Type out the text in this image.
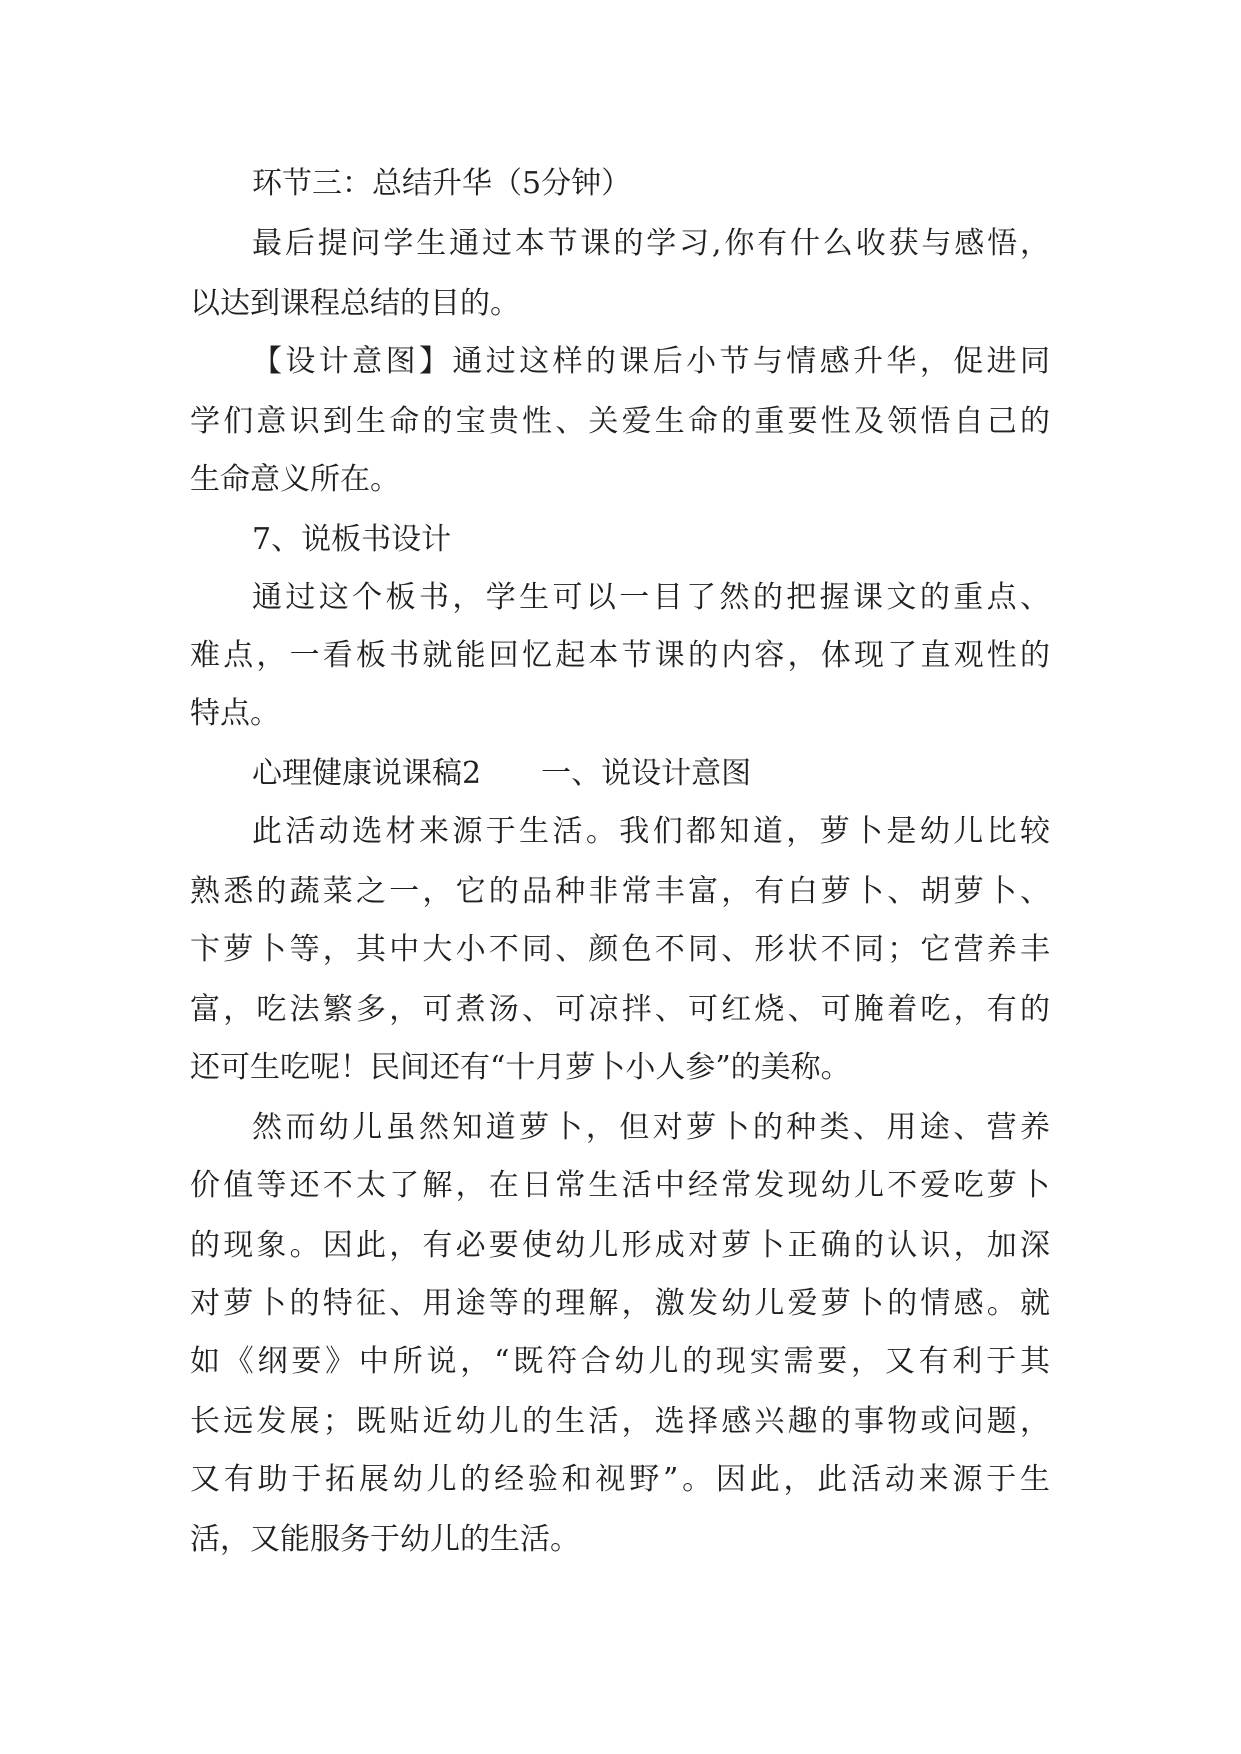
环节三：总结升华（5分钟）

最后提问学生通过本节课的学习,你有什么收获与感悟，

以达到课程总结的目的。

【设计意图】通过这样的课后小节与情感升华，促进同

学们意识到生命的宝贵性、关爱生命的重要性及领悟自己的

生命意义所在。

7、说板书设计

通过这个板书，学生可以一目了然的把握课文的重点、

难点，一看板书就能回忆起本节课的内容，体现了直观性的

特点。

心理健康说课稿2 一、说设计意图

此活动选材来源于生活。我们都知道，萝卜是幼儿比较

熟悉的蔬菜之一，它的品种非常丰富，有白萝卜、胡萝卜、

卞萝卜等，其中大小不同、颜色不同、形状不同；它营养丰

富，吃法繁多，可煮汤、可凉拌、可红烧、可腌着吃，有的

还可生吃呢！民间还有“十月萝卜小人参”的美称。

然而幼儿虽然知道萝卜，但对萝卜的种类、用途、营养

价值等还不太了解，在日常生活中经常发现幼儿不爱吃萝卜

的现象。因此，有必要使幼儿形成对萝卜正确的认识，加深

对萝卜的特征、用途等的理解，激发幼儿爱萝卜的情感。就

如《纲要》中所说，“既符合幼儿的现实需要，又有利于其

长远发展；既贴近幼儿的生活，选择感兴趣的事物或问题，

又有助于拓展幼儿的经验和视野”。因此，此活动来源于生

活，又能服务于幼儿的生活。
